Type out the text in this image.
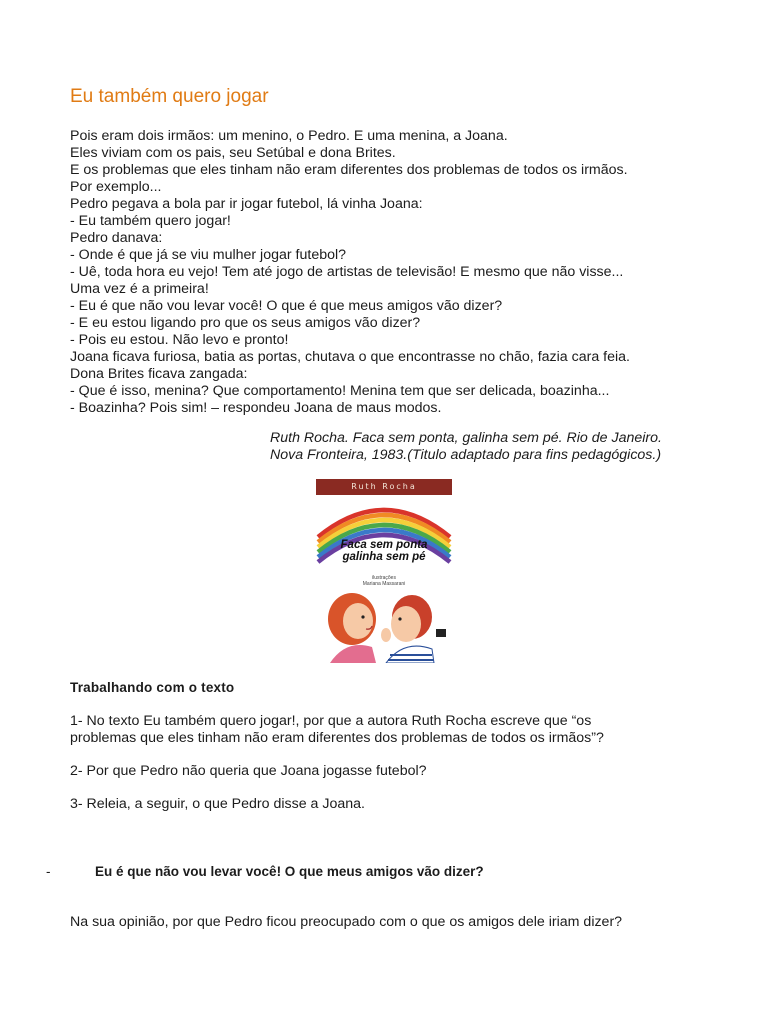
Eu também quero jogar
Pois eram dois irmãos: um menino, o Pedro. E uma menina, a Joana.
Eles viviam com os pais, seu Setúbal e dona Brites.
E os problemas que eles tinham não eram diferentes dos problemas de todos os irmãos.
Por exemplo...
Pedro pegava a bola par ir jogar futebol, lá vinha Joana:
- Eu também quero jogar!
Pedro danava:
- Onde é que já se viu mulher jogar futebol?
- Uê, toda hora eu vejo! Tem até jogo de artistas de televisão! E mesmo que não visse...
Uma vez é a primeira!
- Eu é que não vou levar você! O que é que meus amigos vão dizer?
- E eu estou ligando pro que os seus amigos vão dizer?
- Pois eu estou. Não levo e pronto!
Joana ficava furiosa, batia as portas, chutava o que encontrasse no chão, fazia cara feia.
Dona Brites ficava zangada:
- Que é isso, menina? Que comportamento! Menina tem que ser delicada, boazinha...
- Boazinha? Pois sim! – respondeu Joana de maus modos.
Ruth Rocha. Faca sem ponta, galinha sem pé. Rio de Janeiro.
Nova Fronteira, 1983.(Titulo adaptado para fins pedagógicos.)
Ruth Rocha
Faca sem ponta
galinha sem pé
ilustrações
Mariana Massarani
Trabalhando com o texto
1- No texto Eu também quero jogar!, por que a autora Ruth Rocha escreve que “os
problemas que eles tinham não eram diferentes dos problemas de todos os irmãos”?
2- Por que Pedro não queria que Joana jogasse futebol?
3- Releia, a seguir, o que Pedro disse a Joana.
-	Eu é que não vou levar você! O que meus amigos vão dizer?
Na sua opinião, por que Pedro ficou preocupado com o que os amigos dele iriam dizer?
